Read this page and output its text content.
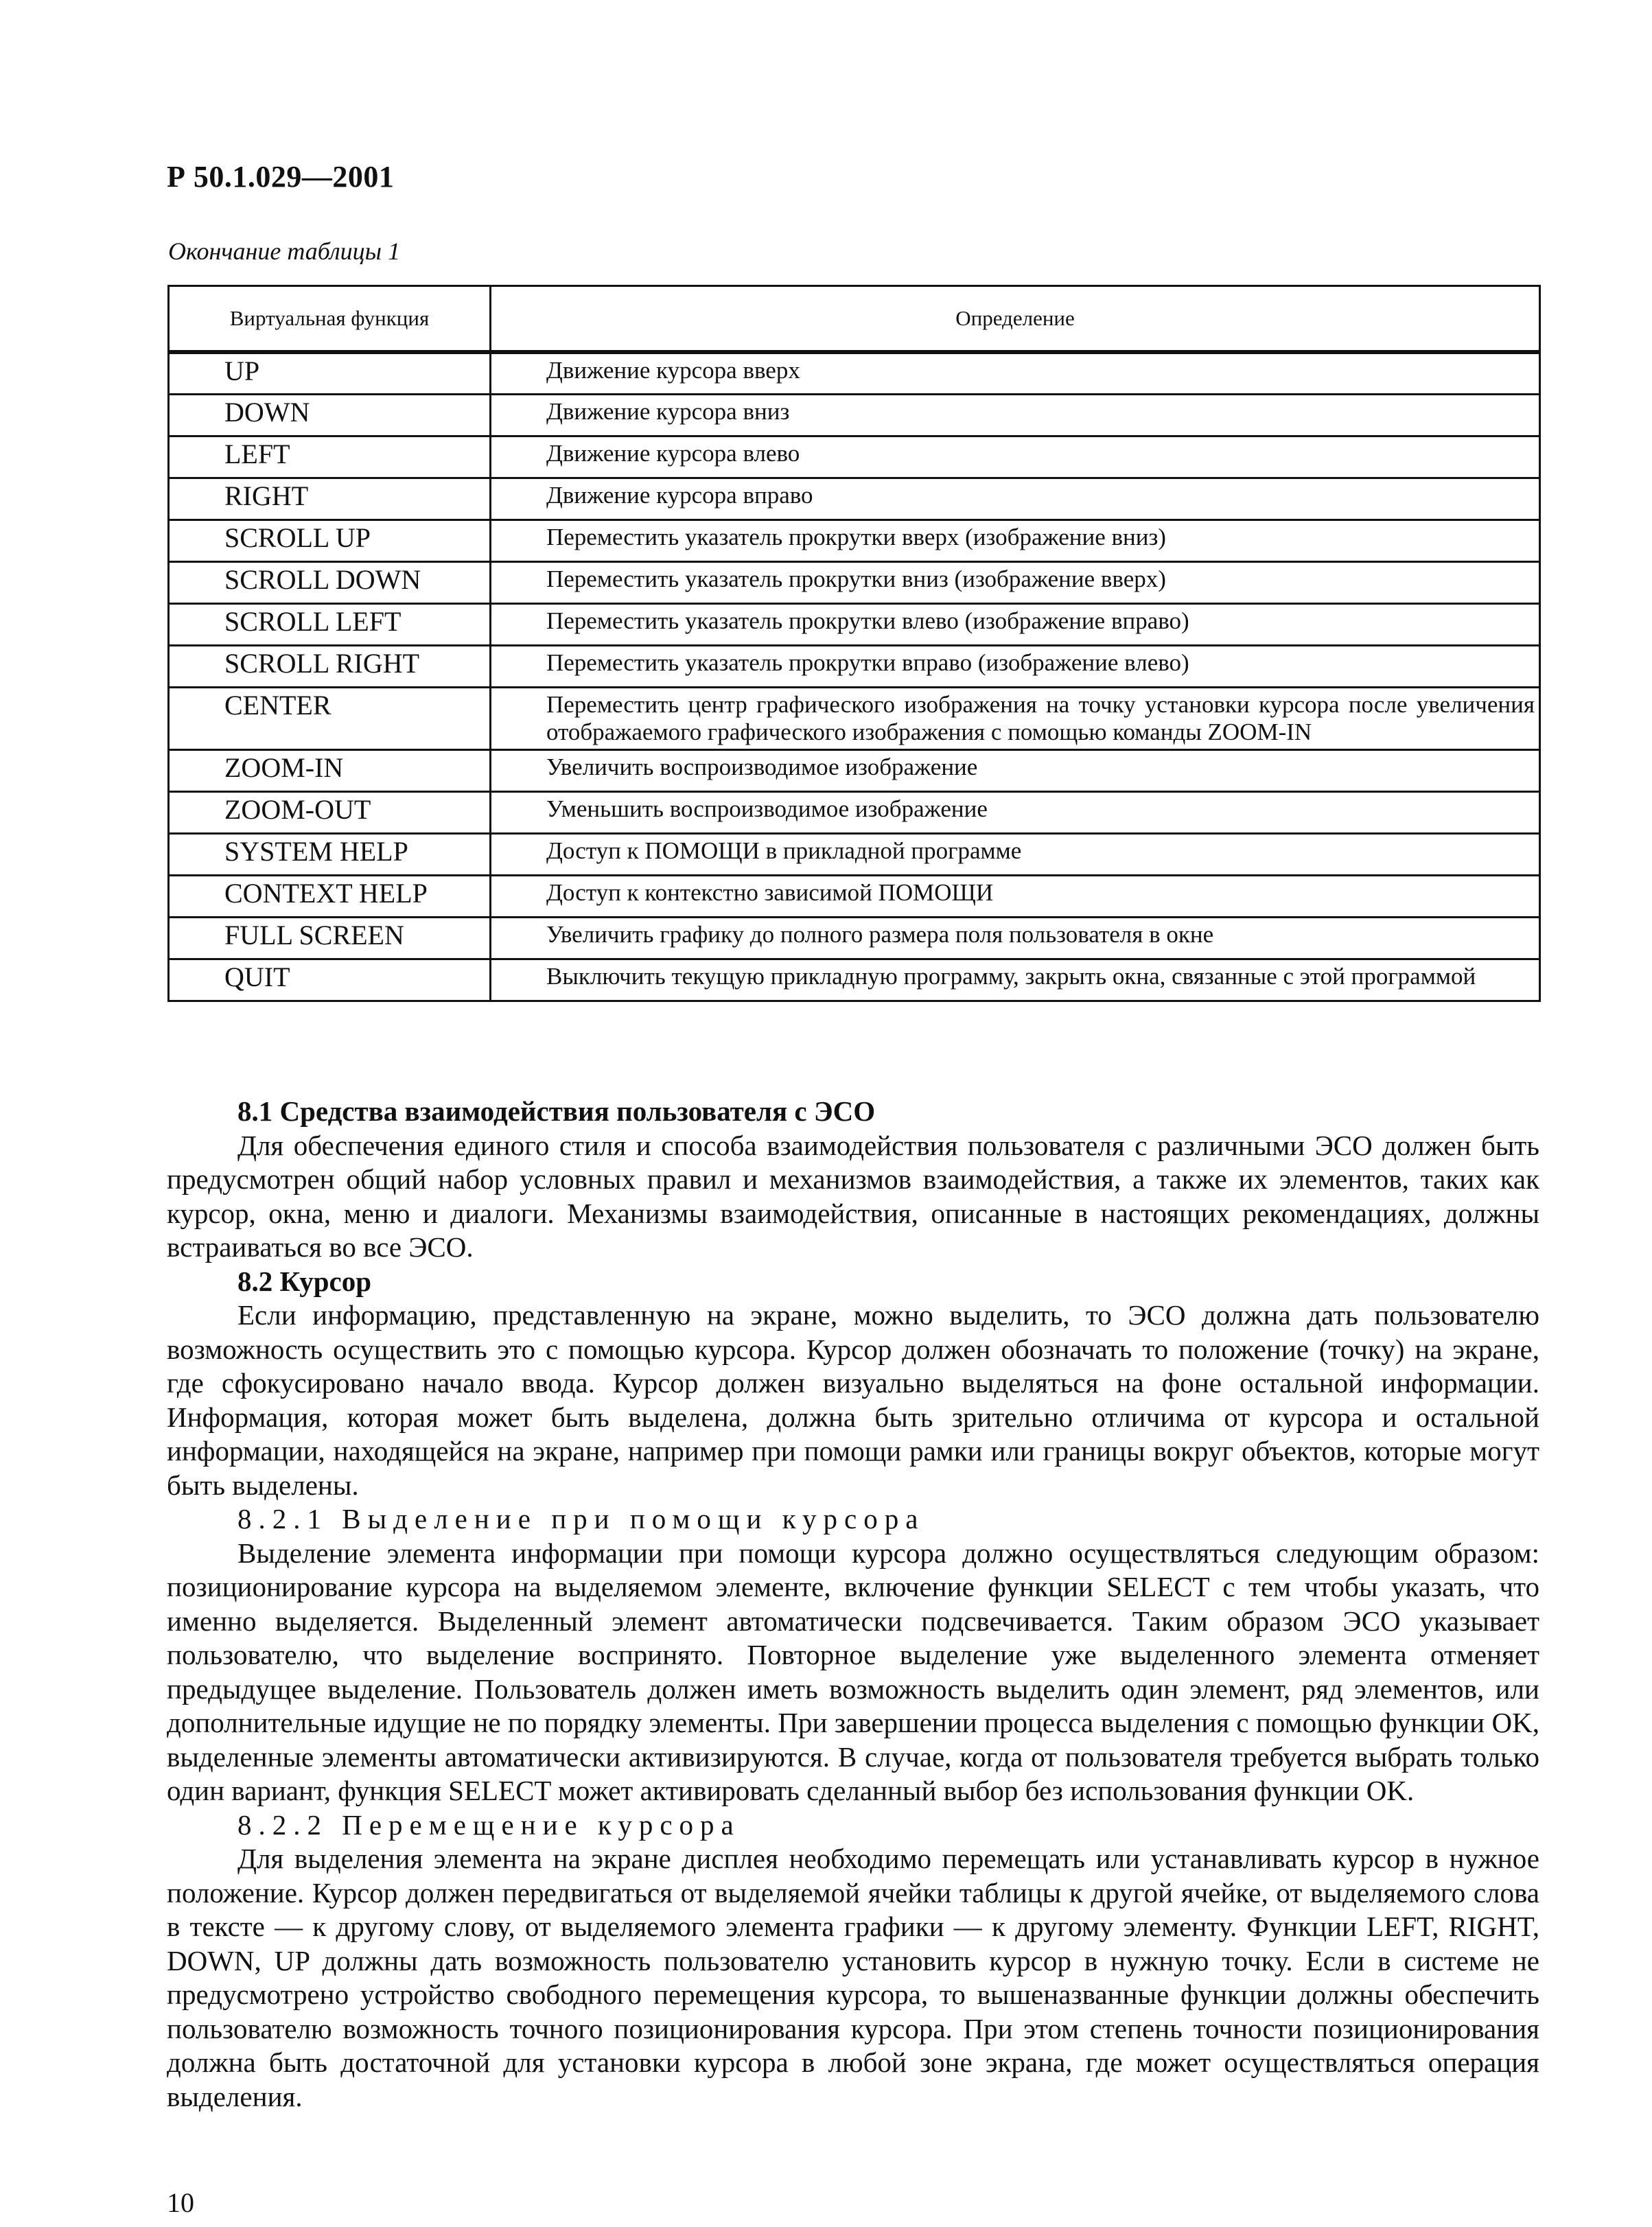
Р 50.1.029—2001
Окончание таблицы 1
Виртуальная функция	Определение
UP	Движение курсора вверх
DOWN	Движение курсора вниз
LEFT	Движение курсора влево
RIGHT	Движение курсора вправо
SCROLL UP	Переместить указатель прокрутки вверх (изображение вниз)
SCROLL DOWN	Переместить указатель прокрутки вниз (изображение вверх)
SCROLL LEFT	Переместить указатель прокрутки влево (изображение вправо)
SCROLL RIGHT	Переместить указатель прокрутки вправо (изображение влево)
CENTER	Переместить центр графического изображения на точку установки курсора после увеличения отображаемого графического изображения с помощью команды ZOOM-IN
ZOOM-IN	Увеличить воспроизводимое изображение
ZOOM-OUT	Уменьшить воспроизводимое изображение
SYSTEM HELP	Доступ к ПОМОЩИ в прикладной программе
CONTEXT HELP	Доступ к контекстно зависимой ПОМОЩИ
FULL SCREEN	Увеличить графику до полного размера поля пользователя в окне
QUIT	Выключить текущую прикладную программу, закрыть окна, связанные с этой программой
8.1 Средства взаимодействия пользователя с ЭСО

Для обеспечения единого стиля и способа взаимодействия пользователя с различными ЭСО должен быть предусмотрен общий набор условных правил и механизмов взаимодействия, а также их элементов, таких как курсор, окна, меню и диалоги. Механизмы взаимодействия, описанные в настоящих рекомендациях, должны встраиваться во все ЭСО.

8.2 Курсор

Если информацию, представленную на экране, можно выделить, то ЭСО должна дать пользователю возможность осуществить это с помощью курсора. Курсор должен обозначать то положение (точку) на экране, где сфокусировано начало ввода. Курсор должен визуально выделяться на фоне остальной информации. Информация, которая может быть выделена, должна быть зрительно отличима от курсора и остальной информации, находящейся на экране, например при помощи рамки или границы вокруг объектов, которые могут быть выделены.

8.2.1 Выделение при помощи курсора

Выделение элемента информации при помощи курсора должно осуществляться следующим образом: позиционирование курсора на выделяемом элементе, включение функции SELECT с тем чтобы указать, что именно выделяется. Выделенный элемент автоматически подсвечивается. Таким образом ЭСО указывает пользователю, что выделение воспринято. Повторное выделение уже выделенного элемента отменяет предыдущее выделение. Пользователь должен иметь возможность выделить один элемент, ряд элементов, или дополнительные идущие не по порядку элементы. При завершении процесса выделения с помощью функции OK, выделенные элементы автоматически активизируются. В случае, когда от пользователя требуется выбрать только один вариант, функция SELECT может активировать сделанный выбор без использования функции OK.

8.2.2 Перемещение курсора

Для выделения элемента на экране дисплея необходимо перемещать или устанавливать курсор в нужное положение. Курсор должен передвигаться от выделяемой ячейки таблицы к другой ячейке, от выделяемого слова в тексте — к другому слову, от выделяемого элемента графики — к другому элементу. Функции LEFT, RIGHT, DOWN, UP должны дать возможность пользователю установить курсор в нужную точку. Если в системе не предусмотрено устройство свободного перемещения курсора, то вышеназванные функции должны обеспечить пользователю возможность точного позиционирования курсора. При этом степень точности позиционирования должна быть достаточной для установки курсора в любой зоне экрана, где может осуществляться операция выделения.

10
